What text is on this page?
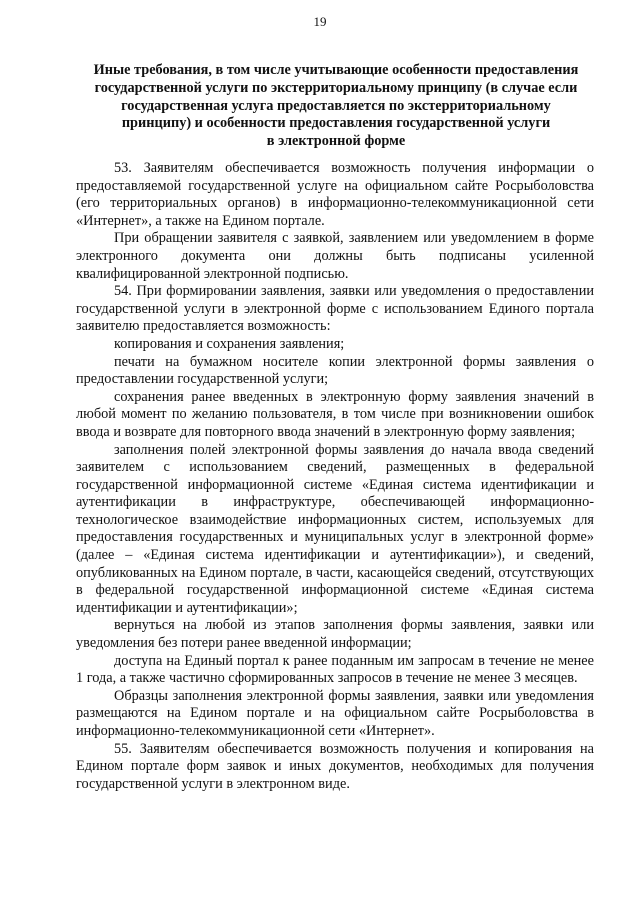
19
Иные требования, в том числе учитывающие особенности предоставления
государственной услуги по экстерриториальному принципу (в случае если
государственная услуга предоставляется по экстерриториальному
принципу) и особенности предоставления государственной услуги
в электронной форме

53. Заявителям обеспечивается возможность получения информации о предоставляемой государственной услуге на официальном сайте Росрыболовства (его территориальных органов) в информационно-телекоммуникационной сети «Интернет», а также на Едином портале.

При обращении заявителя с заявкой, заявлением или уведомлением в форме электронного документа они должны быть подписаны усиленной квалифицированной электронной подписью.

54. При формировании заявления, заявки или уведомления о предоставлении государственной услуги в электронной форме с использованием Единого портала заявителю предоставляется возможность:

копирования и сохранения заявления;

печати на бумажном носителе копии электронной формы заявления о предоставлении государственной услуги;

сохранения ранее введенных в электронную форму заявления значений в любой момент по желанию пользователя, в том числе при возникновении ошибок ввода и возврате для повторного ввода значений в электронную форму заявления;

заполнения полей электронной формы заявления до начала ввода сведений заявителем с использованием сведений, размещенных в федеральной государственной информационной системе «Единая система идентификации и аутентификации в инфраструктуре, обеспечивающей информационно-технологическое взаимодействие информационных систем, используемых для предоставления государственных и муниципальных услуг в электронной форме» (далее – «Единая система идентификации и аутентификации»), и сведений, опубликованных на Едином портале, в части, касающейся сведений, отсутствующих в федеральной государственной информационной системе «Единая система идентификации и аутентификации»;

вернуться на любой из этапов заполнения формы заявления, заявки или уведомления без потери ранее введенной информации;

доступа на Единый портал к ранее поданным им запросам в течение не менее 1 года, а также частично сформированных запросов в течение не менее 3 месяцев.

Образцы заполнения электронной формы заявления, заявки или уведомления размещаются на Едином портале и на официальном сайте Росрыболовства в информационно-телекоммуникационной сети «Интернет».

55. Заявителям обеспечивается возможность получения и копирования на Едином портале форм заявок и иных документов, необходимых для получения государственной услуги в электронном виде.
